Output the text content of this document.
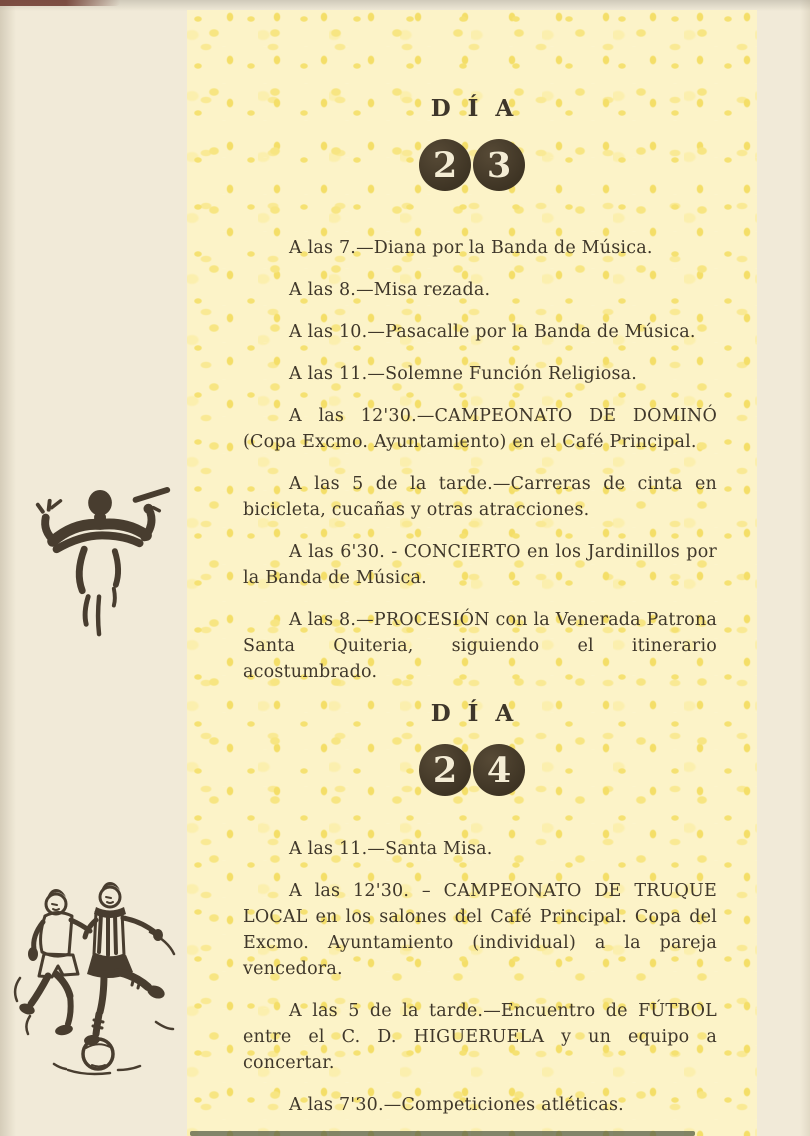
DÍA
2 3

A las 7.—Diana por la Banda de Música.

A las 8.—Misa rezada.

A las 10.—Pasacalle por la Banda de Música.

A las 11.—Solemne Función Religiosa.

A las 12'30.—CAMPEONATO DE DOMINÓ (Copa Excmo. Ayuntamiento) en el Café Principal.

A las 5 de la tarde.—Carreras de cinta en bicicleta, cucañas y otras atracciones.

A las 6'30. - CONCIERTO en los Jardinillos por la Banda de Música.

A las 8.—PROCESIÓN con la Venerada Patrona Santa Quiteria, siguiendo el itinerario acostumbrado.

DÍA
2 4

A las 11.—Santa Misa.

A las 12'30. – CAMPEONATO DE TRUQUE LOCAL en los salones del Café Principal. Copa del Excmo. Ayuntamiento (individual) a la pareja vencedora.

A las 5 de la tarde.—Encuentro de FÚTBOL entre el C. D. HIGUERUELA y un equipo a concertar.

A las 7'30.—Competiciones atléticas.
